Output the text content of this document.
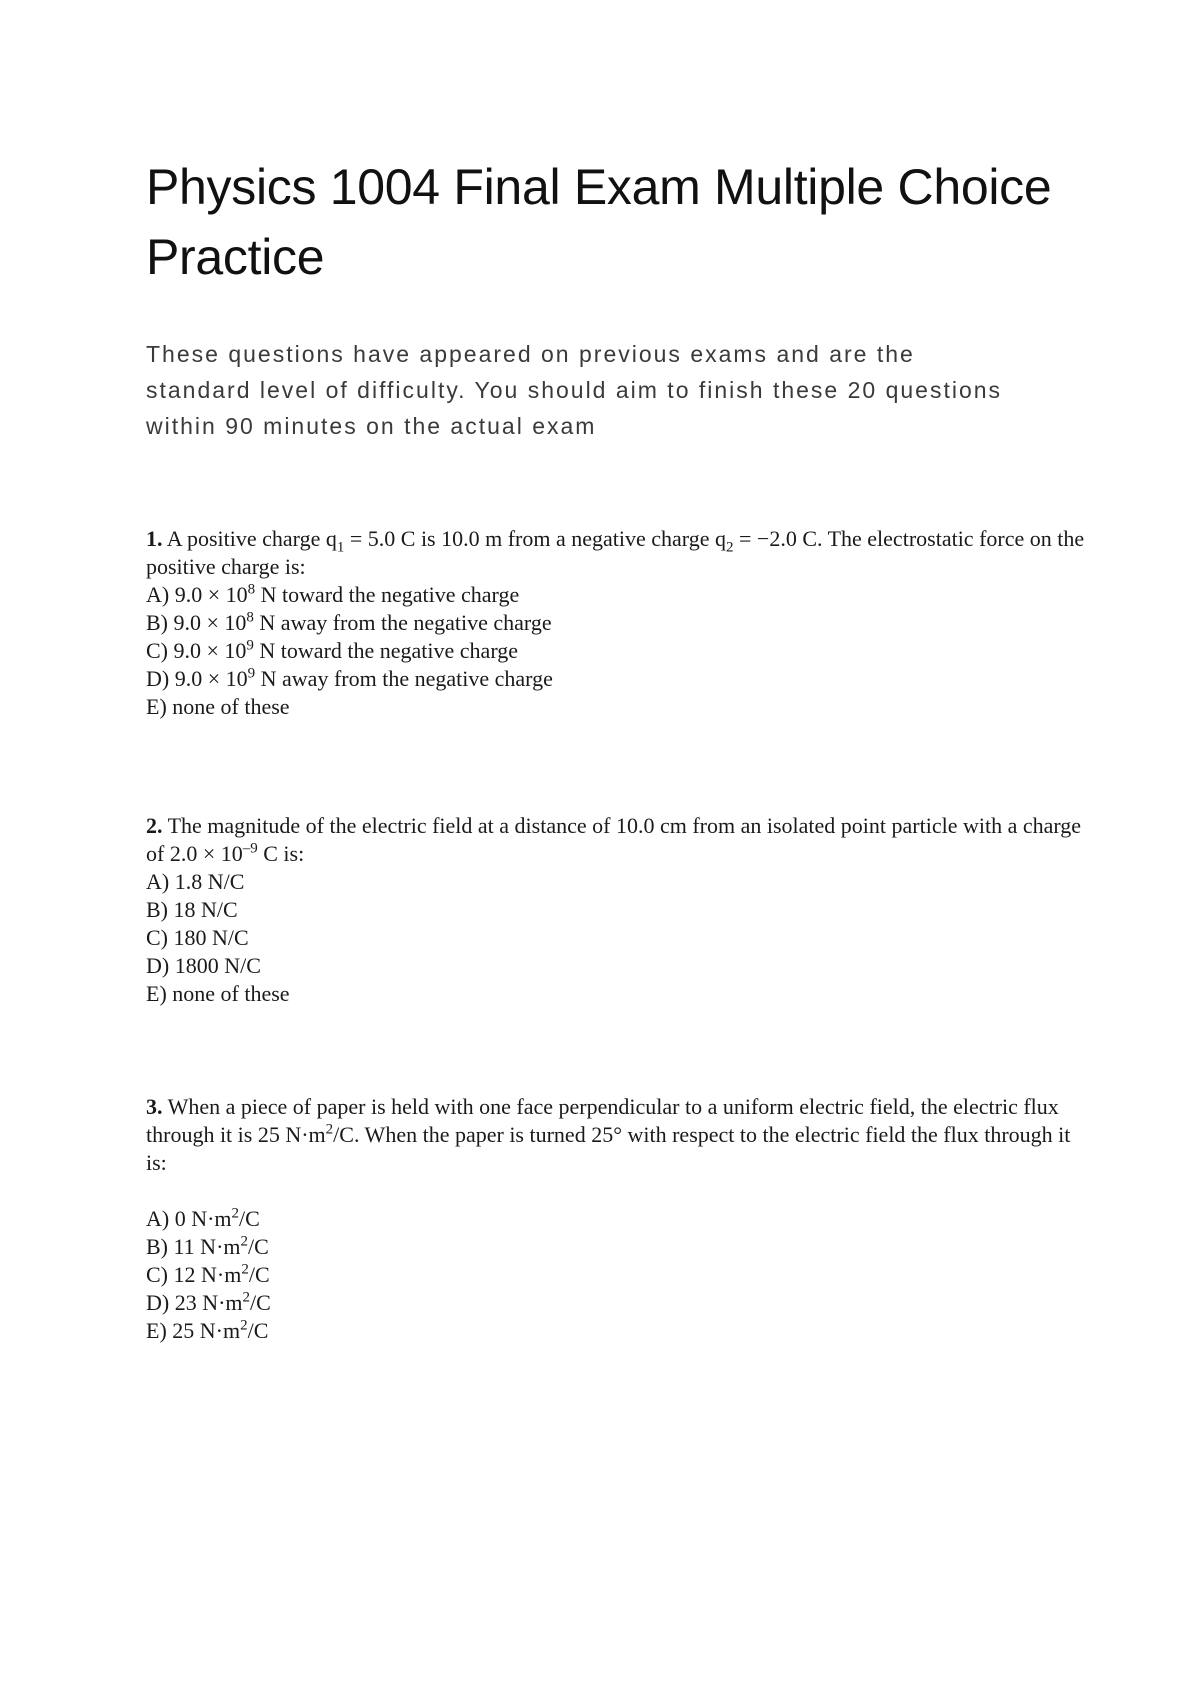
Physics 1004 Final Exam Multiple Choice Practice

These questions have appeared on previous exams and are the standard level of difficulty. You should aim to finish these 20 questions within 90 minutes on the actual exam

1. A positive charge $q_1 = 5.0$ C is 10.0 m from a negative charge $q_2 = -2.0$ C. The electrostatic force on the positive charge is:

A) $9.0 \times 10^8$ N toward the negative charge
B) $9.0 \times 10^8$ N away from the negative charge
C) $9.0 \times 10^9$ N toward the negative charge
D) $9.0 \times 10^9$ N away from the negative charge
E) none of these

2. The magnitude of the electric field at a distance of 10.0 cm from an isolated point particle with a charge of $2.0 \times 10^{-9}$ C is:

A) 1.8 N/C
B) 18 N/C
C) 180 N/C
D) 1800 N/C
E) none of these

3. When a piece of paper is held with one face perpendicular to a uniform electric field, the electric flux through it is 25 $N\cdot m^2/C$. When the paper is turned 25° with respect to the electric field the flux through it is:

A) 0 $N\cdot m^2/C$
B) 11 $N\cdot m^2/C$
C) 12 $N\cdot m^2/C$
D) 23 $N\cdot m^2/C$
E) 25 $N\cdot m^2/C$
